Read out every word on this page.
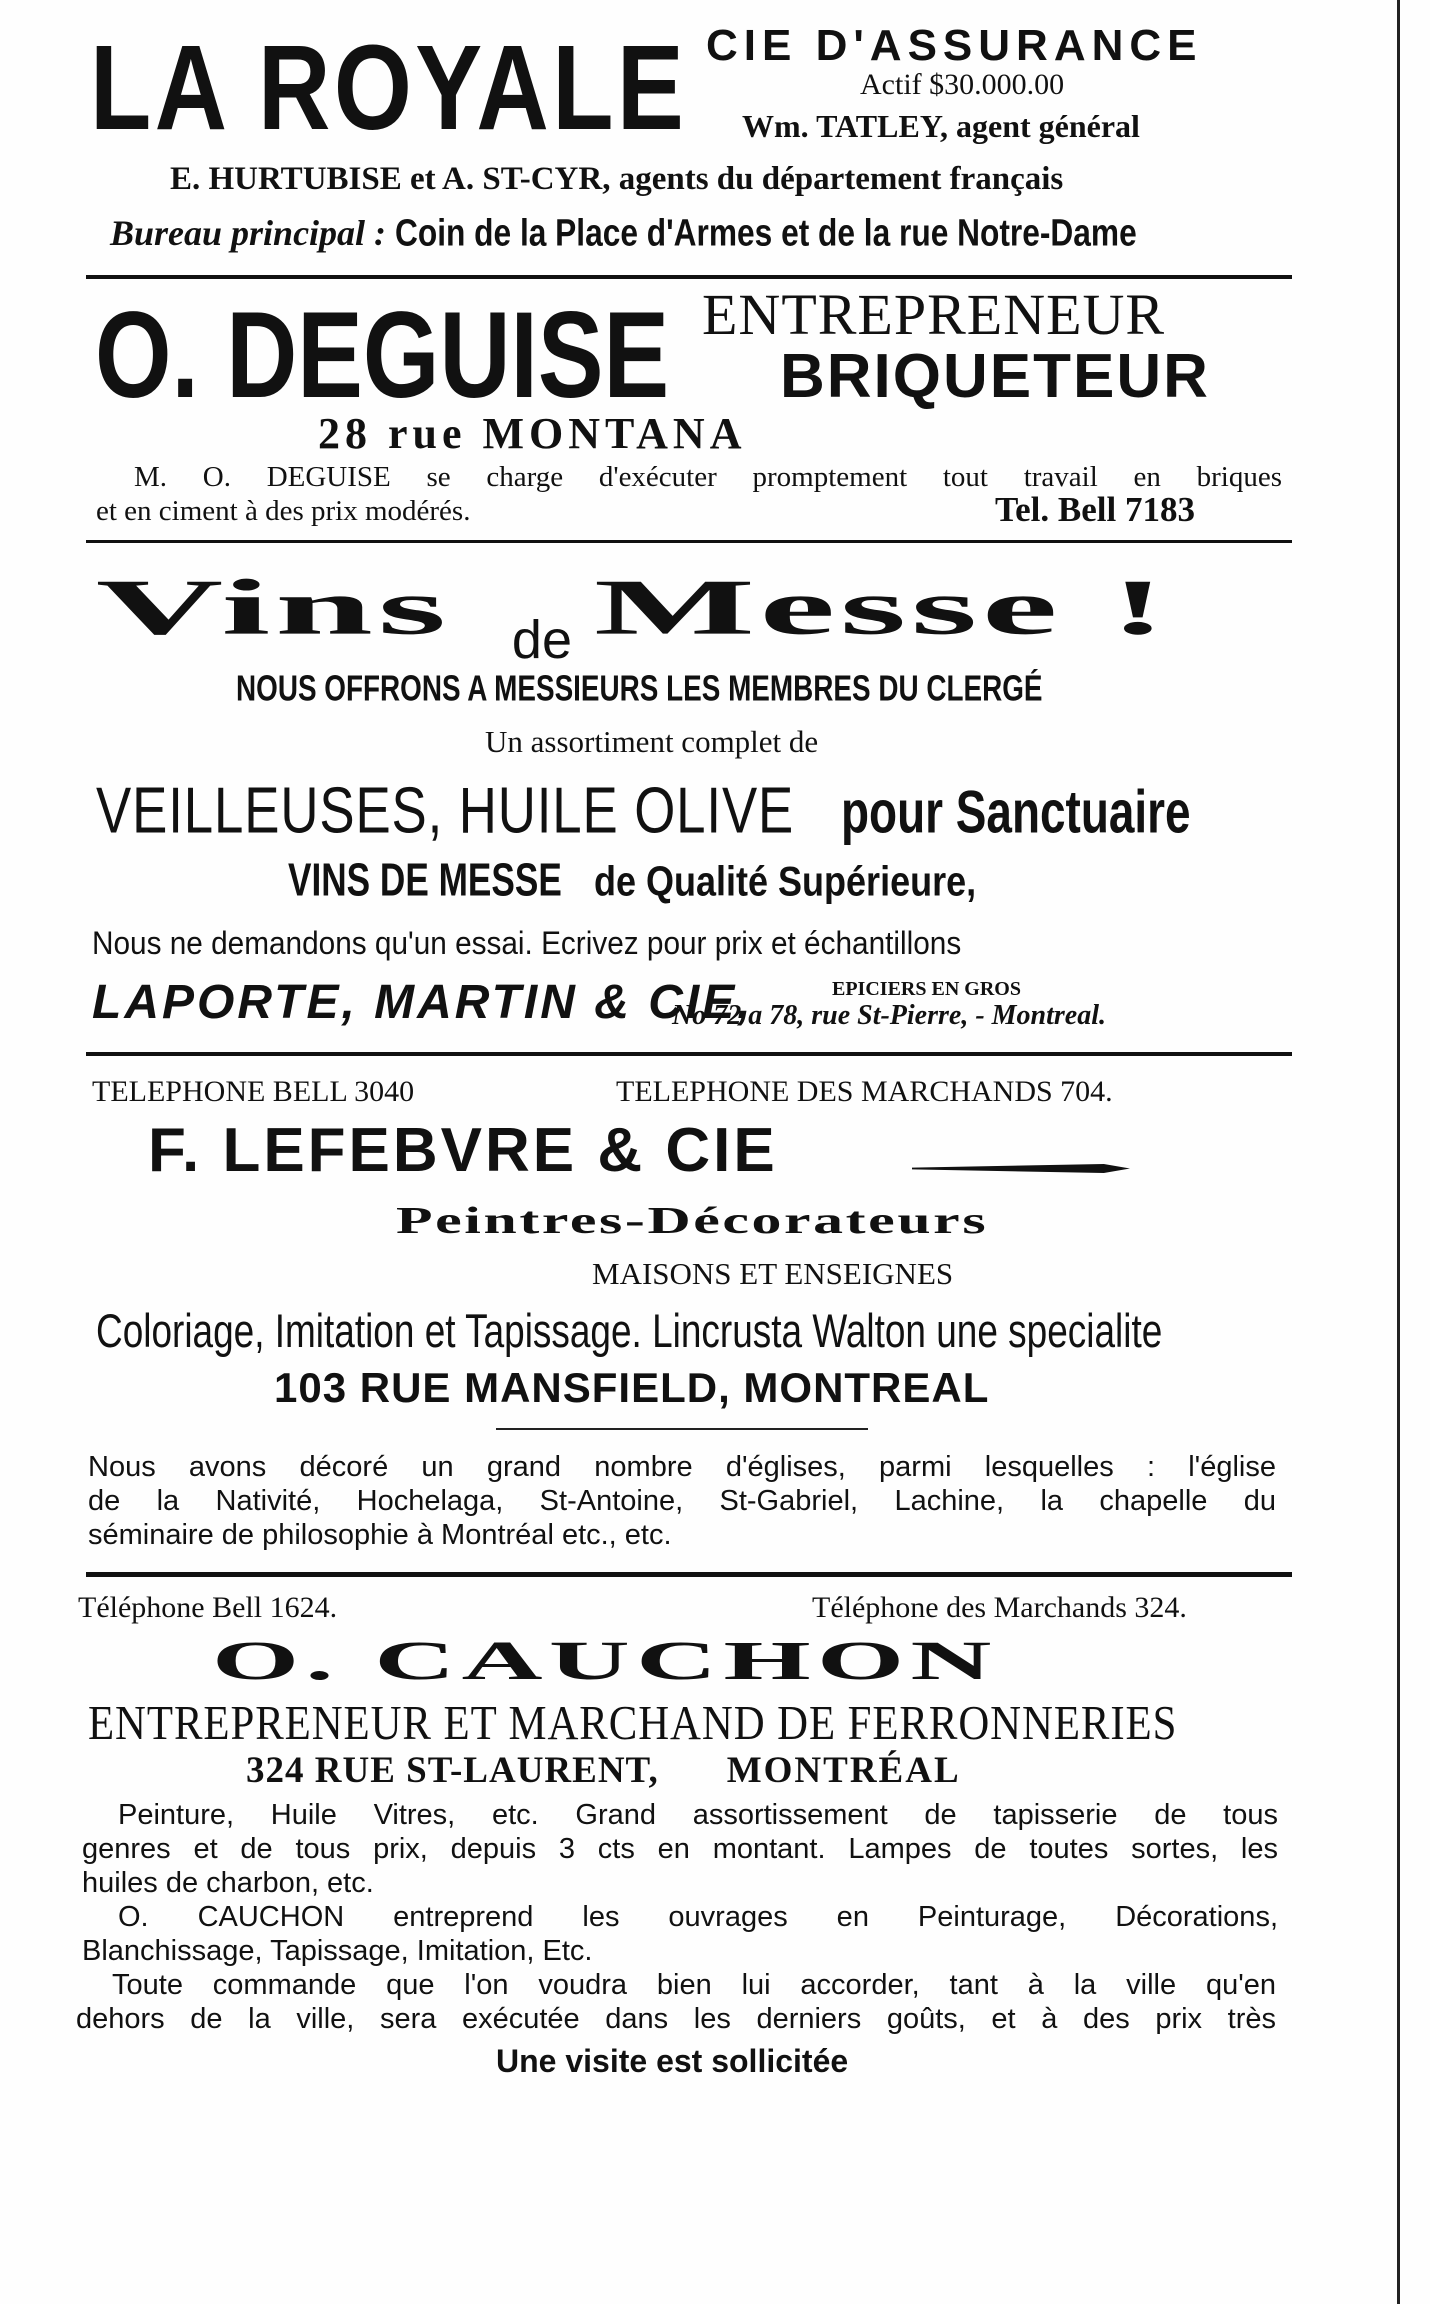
LA ROYALE CIE D'ASSURANCE
Actif $30.000.00
Wm. TATLEY, agent général
E. HURTUBISE et A. ST-CYR, agents du département français
Bureau principal : Coin de la Place d'Armes et de la rue Notre-Dame
O. DEGUISE ENTREPRENEUR
BRIQUETEUR
28 rue MONTANA
M. O. DEGUISE se charge d'exécuter promptement tout travail en briques
et en ciment à des prix modérés.	Tel. Bell 7183
Vins de Messe !
NOUS OFFRONS A MESSIEURS LES MEMBRES DU CLERGÉ
Un assortiment complet de
VEILLEUSES, HUILE OLIVE pour Sanctuaire
VINS DE MESSE de Qualité Supérieure,
Nous ne demandons qu'un essai. Ecrivez pour prix et échantillons
LAPORTE, MARTIN & CIE,	EPICIERS EN GROS
No 72 a 78, rue St-Pierre, - Montreal.
TELEPHONE BELL 3040	TELEPHONE DES MARCHANDS 704.
F. LEFEBVRE & CIE
Peintres-Décorateurs
MAISONS ET ENSEIGNES
Coloriage, Imitation et Tapissage. Lincrusta Walton une specialite
103 RUE MANSFIELD, MONTREAL
Nous avons décoré un grand nombre d'églises, parmi lesquelles : l'église
de la Nativité, Hochelaga, St-Antoine, St-Gabriel, Lachine, la chapelle du
séminaire de philosophie à Montréal etc., etc.
Téléphone Bell 1624.	Téléphone des Marchands 324.
O. CAUCHON
ENTREPRENEUR ET MARCHAND DE FERRONNERIES
324 RUE ST-LAURENT, MONTRÉAL
Peinture, Huile Vitres, etc. Grand assortissement de tapisserie de tous
genres et de tous prix, depuis 3 cts en montant. Lampes de toutes sortes, les
huiles de charbon, etc.
O. CAUCHON entreprend les ouvrages en Peinturage, Décorations,
Blanchissage, Tapissage, Imitation, Etc.
Toute commande que l'on voudra bien lui accorder, tant à la ville qu'en
dehors de la ville, sera exécutée dans les derniers goûts, et à des prix très
Une visite est sollicitée
